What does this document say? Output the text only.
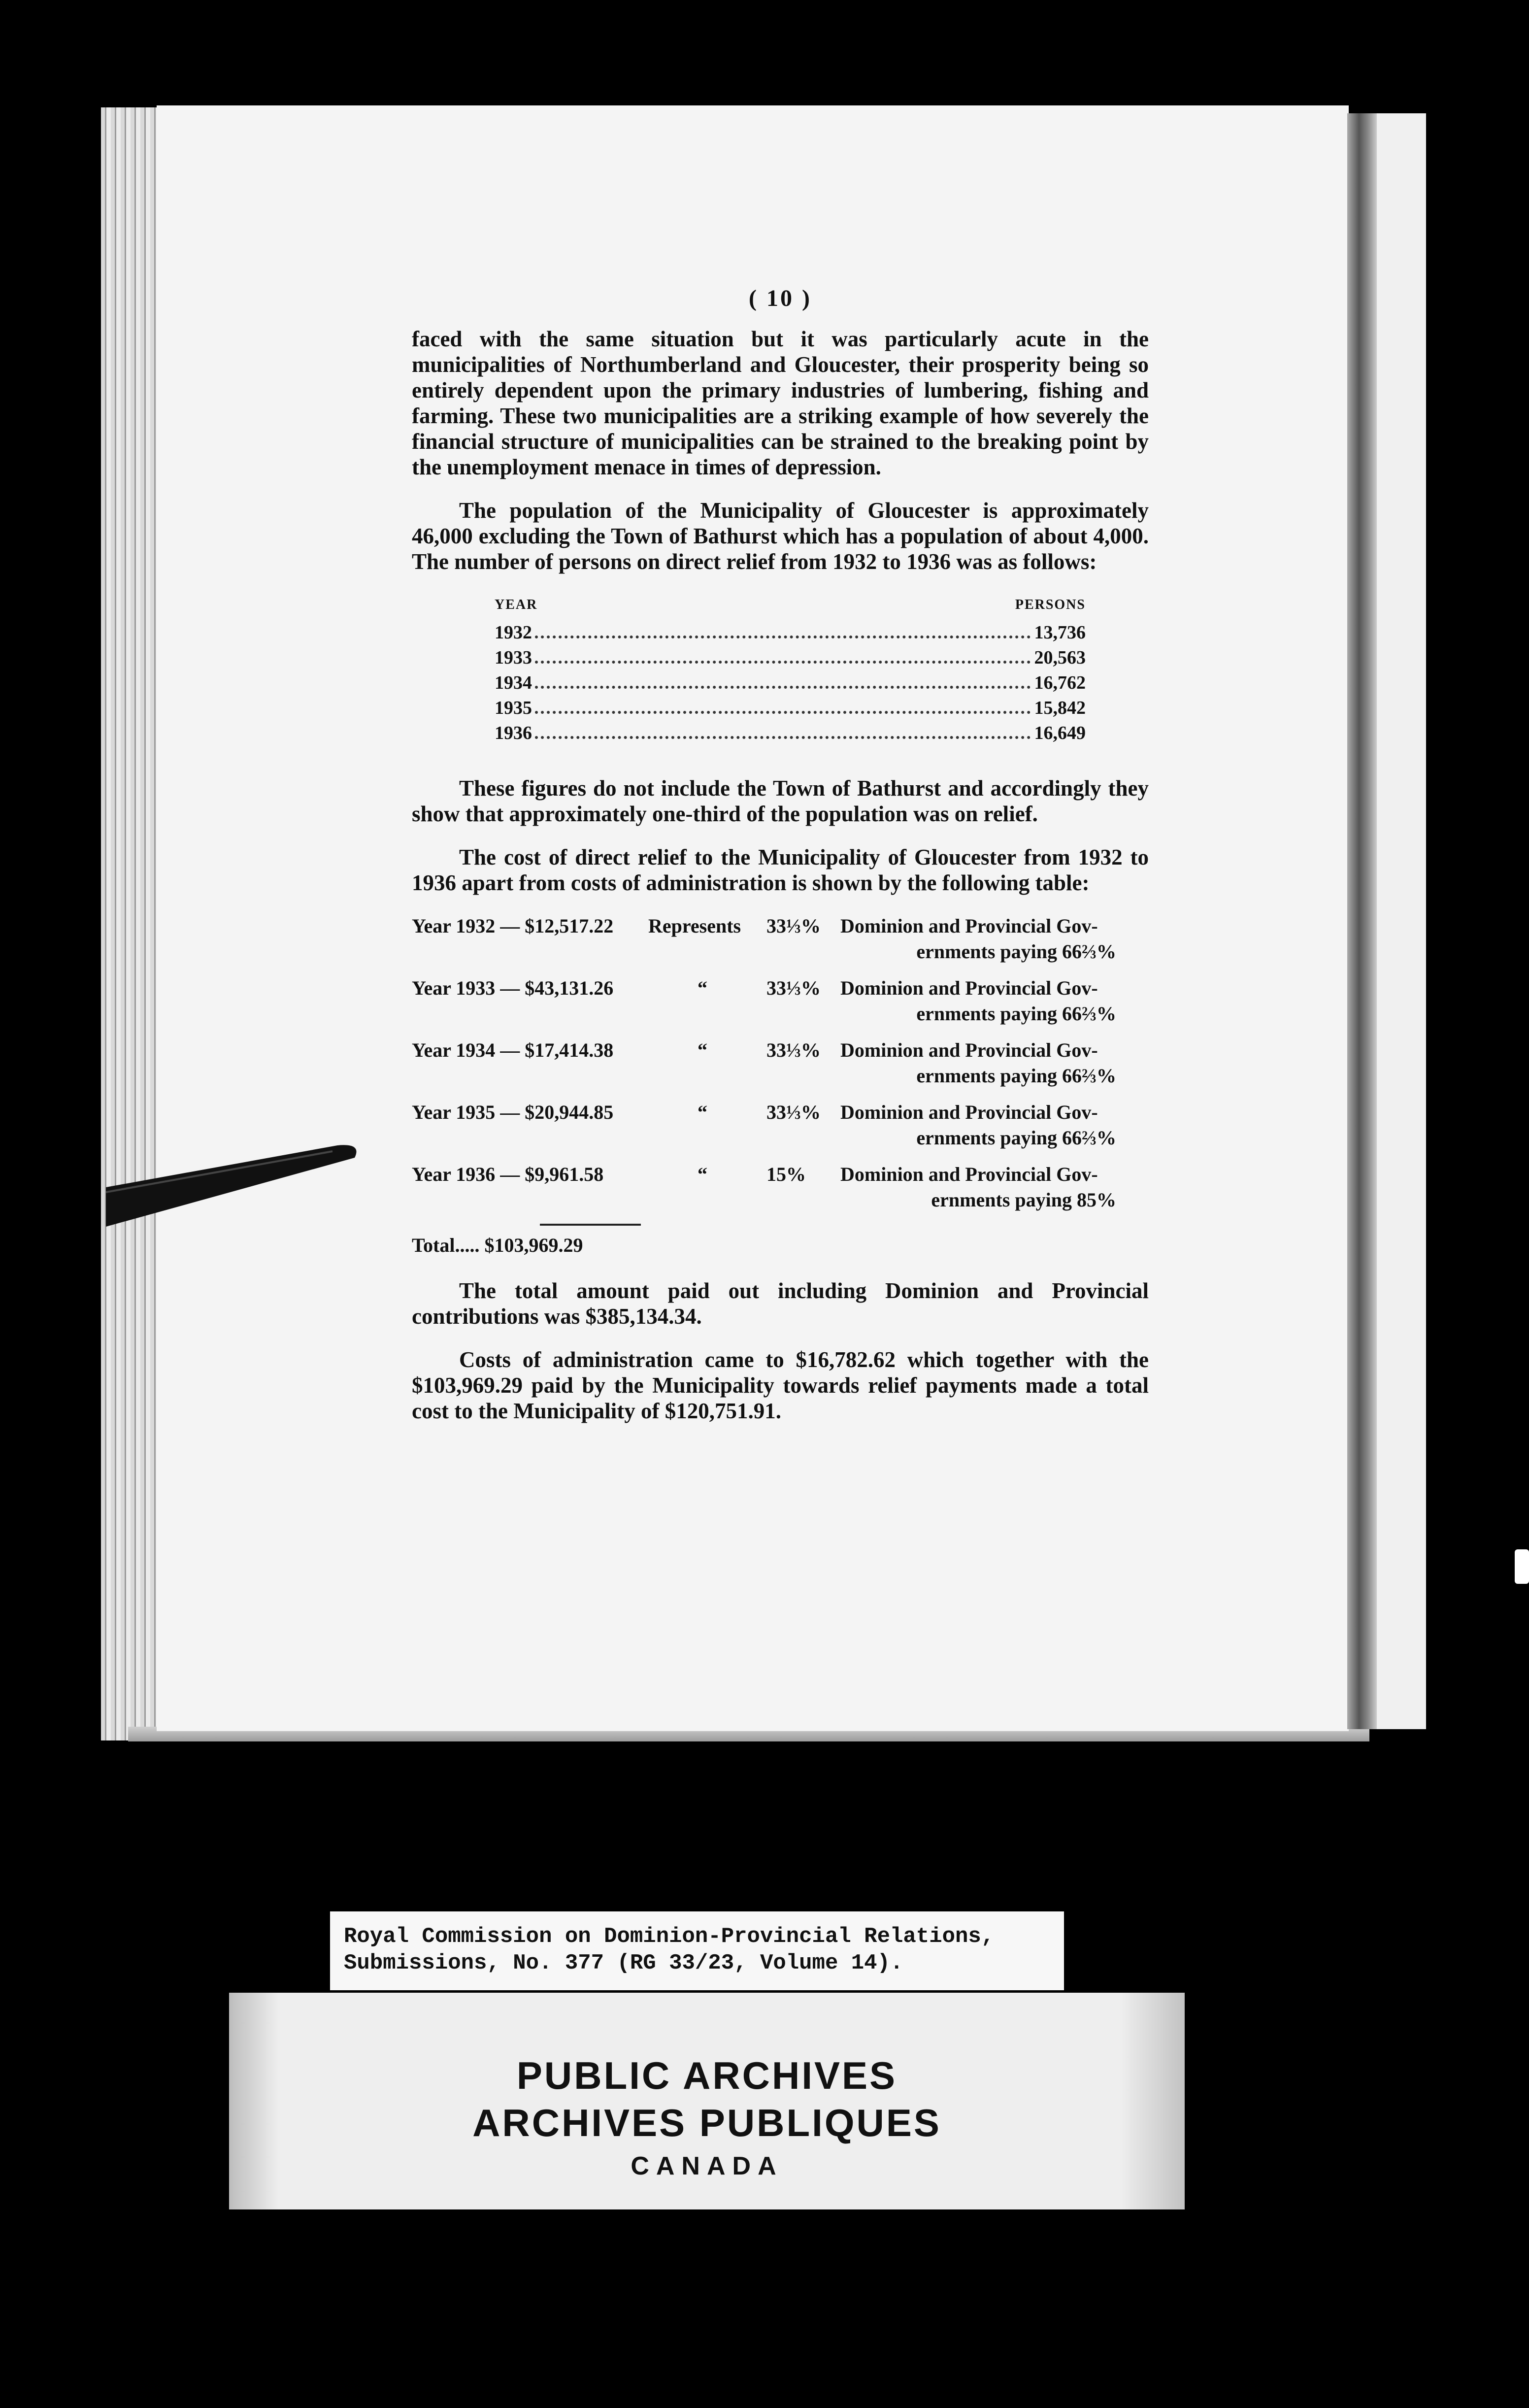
( 10 )

faced with the same situation but it was particularly acute in the municipalities of Northumberland and Gloucester, their prosperity being so entirely dependent upon the primary industries of lumbering, fishing and farming. These two municipalities are a striking example of how severely the financial structure of municipalities can be strained to the breaking point by the unemployment menace in times of depression.

The population of the Municipality of Gloucester is approximately 46,000 excluding the Town of Bathurst which has a population of about 4,000. The number of persons on direct relief from 1932 to 1936 was as follows:

YEAR	PERSONS
1932	13,736
1933	20,563
1934	16,762
1935	15,842
1936	16,649

These figures do not include the Town of Bathurst and accordingly they show that approximately one-third of the population was on relief.

The cost of direct relief to the Municipality of Gloucester from 1932 to 1936 apart from costs of administration is shown by the following table:

Year 1932 — $12,517.22	Represents	33⅓%	Dominion and Provincial Gov-
ernments paying 66⅔%
Year 1933 — $43,131.26	“	33⅓%	Dominion and Provincial Gov-
ernments paying 66⅔%
Year 1934 — $17,414.38	“	33⅓%	Dominion and Provincial Gov-
ernments paying 66⅔%
Year 1935 — $20,944.85	“	33⅓%	Dominion and Provincial Gov-
ernments paying 66⅔%
Year 1936 — $9,961.58	“	15%	Dominion and Provincial Gov-
ernments paying 85%
Total..... $103,969.29

The total amount paid out including Dominion and Provincial contributions was $385,134.34.

Costs of administration came to $16,782.62 which together with the $103,969.29 paid by the Municipality towards relief payments made a total cost to the Municipality of $120,751.91.

Royal Commission on Dominion-Provincial Relations,
Submissions, No. 377 (RG 33/23, Volume 14).
PUBLIC ARCHIVES
ARCHIVES PUBLIQUES
CANADA
